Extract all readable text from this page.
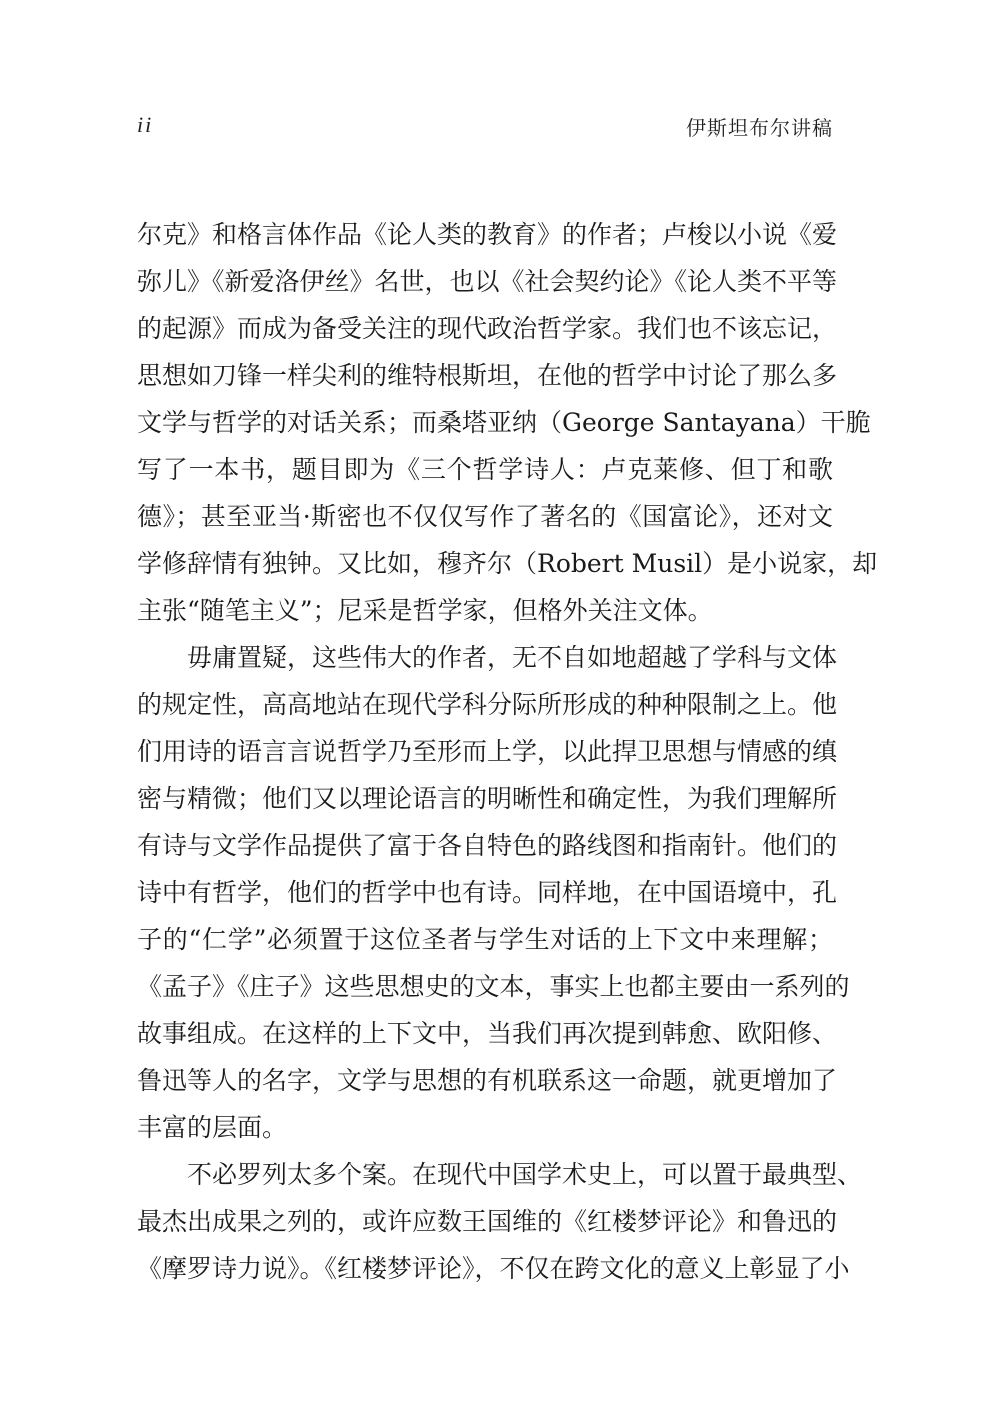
ii	伊斯坦布尔讲稿
尔克》和格言体作品《论人类的教育》的作者；卢梭以小说《爱
弥儿》《新爱洛伊丝》名世，也以《社会契约论》《论人类不平等
的起源》而成为备受关注的现代政治哲学家。我们也不该忘记，
思想如刀锋一样尖利的维特根斯坦，在他的哲学中讨论了那么多
文学与哲学的对话关系；而桑塔亚纳（George Santayana）干脆
写了一本书，题目即为《三个哲学诗人：卢克莱修、但丁和歌
德》；甚至亚当·斯密也不仅仅写作了著名的《国富论》，还对文
学修辞情有独钟。又比如，穆齐尔（Robert Musil）是小说家，却
主张“随笔主义”；尼采是哲学家，但格外关注文体。
毋庸置疑，这些伟大的作者，无不自如地超越了学科与文体
的规定性，高高地站在现代学科分际所形成的种种限制之上。他
们用诗的语言言说哲学乃至形而上学，以此捍卫思想与情感的缜
密与精微；他们又以理论语言的明晰性和确定性，为我们理解所
有诗与文学作品提供了富于各自特色的路线图和指南针。他们的
诗中有哲学，他们的哲学中也有诗。同样地，在中国语境中，孔
子的“仁学”必须置于这位圣者与学生对话的上下文中来理解；
《孟子》《庄子》这些思想史的文本，事实上也都主要由一系列的
故事组成。在这样的上下文中，当我们再次提到韩愈、欧阳修、
鲁迅等人的名字，文学与思想的有机联系这一命题，就更增加了
丰富的层面。
不必罗列太多个案。在现代中国学术史上，可以置于最典型、
最杰出成果之列的，或许应数王国维的《红楼梦评论》和鲁迅的
《摩罗诗力说》。《红楼梦评论》，不仅在跨文化的意义上彰显了小
